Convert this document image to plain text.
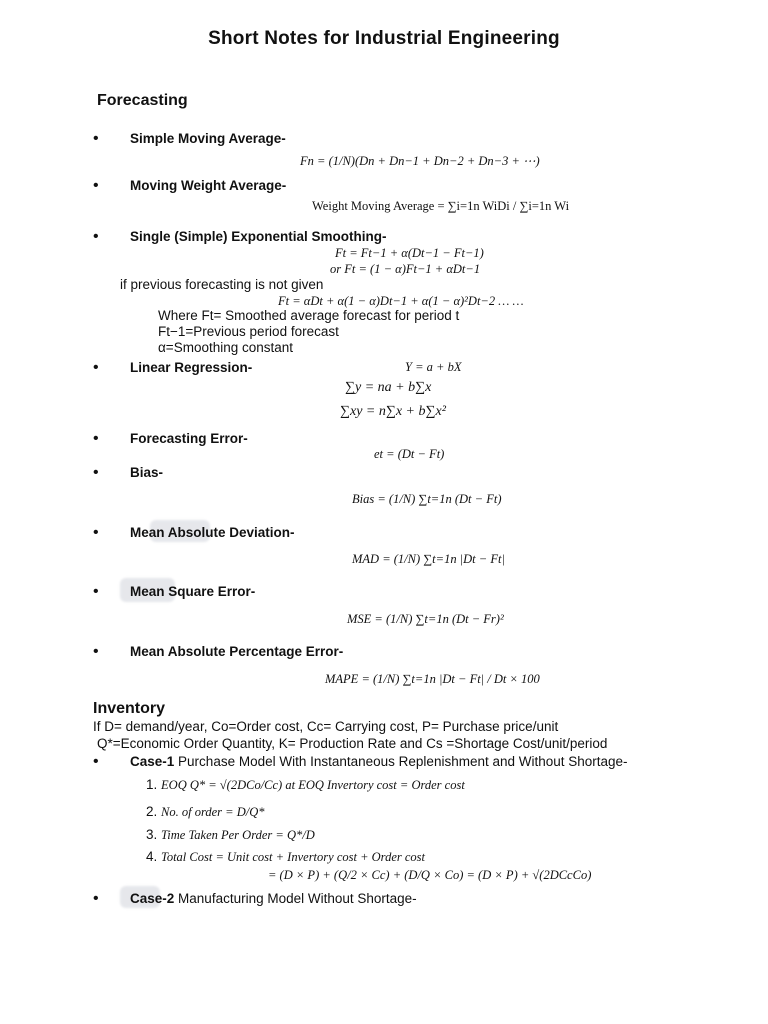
Short Notes for Industrial Engineering
Forecasting
• Simple Moving Average-
Fn = (1/N)(Dn + Dn−1 + Dn−2 + Dn−3 + ⋯)
• Moving Weight Average-
Weight Moving Average = ∑i=1n WiDi / ∑i=1n Wi
• Single (Simple) Exponential Smoothing-
Ft = Ft−1 + α(Dt−1 − Ft−1)
or Ft = (1 − α)Ft−1 + αDt−1
if previous forecasting is not given
Ft = αDt + α(1 − α)Dt−1 + α(1 − α)²Dt−2 … …
Where Ft= Smoothed average forecast for period t
Ft−1=Previous period forecast
α=Smoothing constant
• Linear Regression-	Y = a + bX
∑y = na + b∑x
∑xy = n∑x + b∑x²
• Forecasting Error-
et = (Dt − Ft)
• Bias-
Bias = (1/N) ∑t=1n (Dt − Ft)
• Mean Absolute Deviation-
MAD = (1/N) ∑t=1n |Dt − Ft|
• Mean Square Error-
MSE = (1/N) ∑t=1n (Dt − Fr)²
• Mean Absolute Percentage Error-
MAPE = (1/N) ∑t=1n |Dt − Ft| / Dt × 100
Inventory
If D= demand/year, Co=Order cost, Cc= Carrying cost, P= Purchase price/unit
Q*=Economic Order Quantity, K= Production Rate and Cs =Shortage Cost/unit/period
• Case-1 Purchase Model With Instantaneous Replenishment and Without Shortage-
1. EOQ Q* = √(2DCo/Cc) at EOQ Invertory cost = Order cost
2. No. of order = D/Q*
3. Time Taken Per Order = Q*/D
4. Total Cost = Unit cost + Invertory cost + Order cost
= (D × P) + (Q/2 × Cc) + (D/Q × Co) = (D × P) + √(2DCcCo)
• Case-2 Manufacturing Model Without Shortage-
